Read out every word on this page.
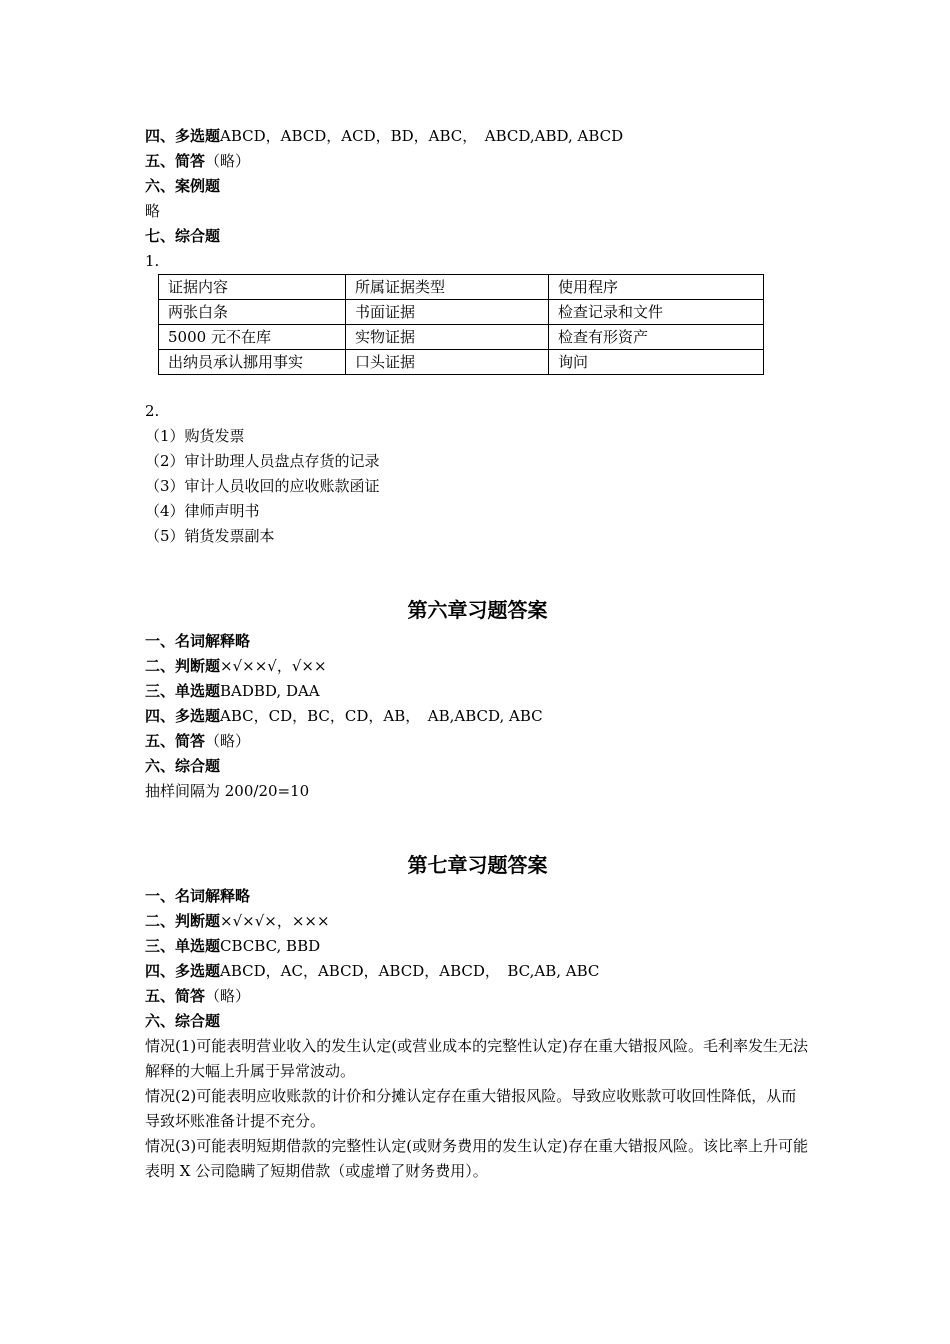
四、多选题ABCD，ABCD，ACD，BD，ABC，　ABCD,ABD, ABCD
五、简答（略）
六、案例题
略
七、综合题
1.
证据内容	所属证据类型	使用程序
两张白条	书面证据	检查记录和文件
5000 元不在库	实物证据	检查有形资产
出纳员承认挪用事实	口头证据	询问
2.
（1）购货发票
（2）审计助理人员盘点存货的记录
（3）审计人员收回的应收账款函证
（4）律师声明书
（5）销货发票副本
第六章习题答案
一、名词解释略
二、判断题×√××√，√××
三、单选题BADBD, DAA
四、多选题ABC，CD，BC，CD，AB，　AB,ABCD, ABC
五、简答（略）
六、综合题
抽样间隔为 200/20=10
第七章习题答案
一、名词解释略
二、判断题×√×√×，×××
三、单选题CBCBC, BBD
四、多选题ABCD，AC，ABCD，ABCD，ABCD，　BC,AB, ABC
五、简答（略）
六、综合题
情况(1)可能表明营业收入的发生认定(或营业成本的完整性认定)存在重大错报风险。毛利率发生无法解释的大幅上升属于异常波动。
情况(2)可能表明应收账款的计价和分摊认定存在重大错报风险。导致应收账款可收回性降低，从而导致坏账准备计提不充分。
情况(3)可能表明短期借款的完整性认定(或财务费用的发生认定)存在重大错报风险。该比率上升可能表明 X 公司隐瞒了短期借款（或虚增了财务费用）。
